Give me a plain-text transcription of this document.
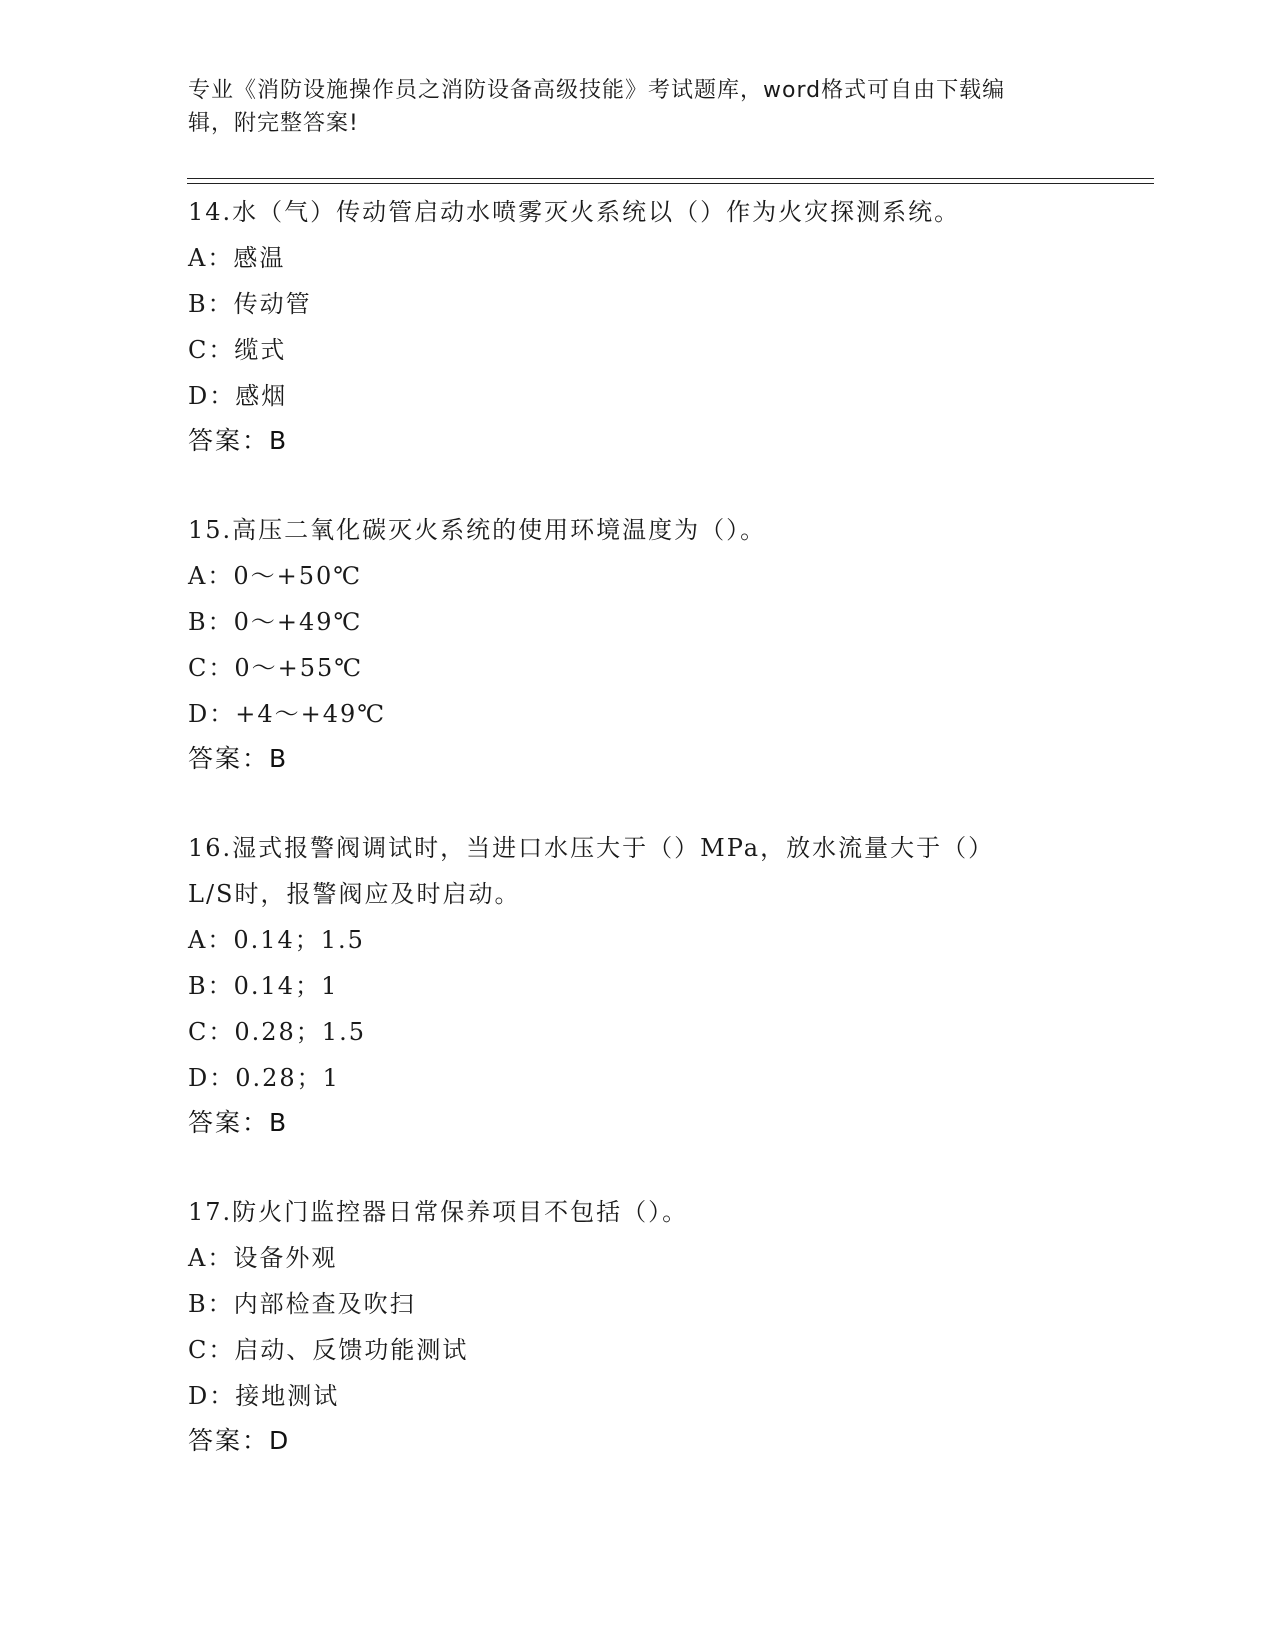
专业《消防设施操作员之消防设备高级技能》考试题库，word格式可自由下载编
辑，附完整答案!
14.水（气）传动管启动水喷雾灭火系统以（）作为火灾探测系统。
A：感温
B：传动管
C：缆式
D：感烟
答案：B
15.高压二氧化碳灭火系统的使用环境温度为（）。
A：0～+50℃
B：0～+49℃
C：0～+55℃
D：+4～+49℃
答案：B
16.湿式报警阀调试时，当进口水压大于（）MPa，放水流量大于（）
L/S时，报警阀应及时启动。
A：0.14；1.5
B：0.14；1
C：0.28；1.5
D：0.28；1
答案：B
17.防火门监控器日常保养项目不包括（）。
A：设备外观
B：内部检查及吹扫
C：启动、反馈功能测试
D：接地测试
答案：D
